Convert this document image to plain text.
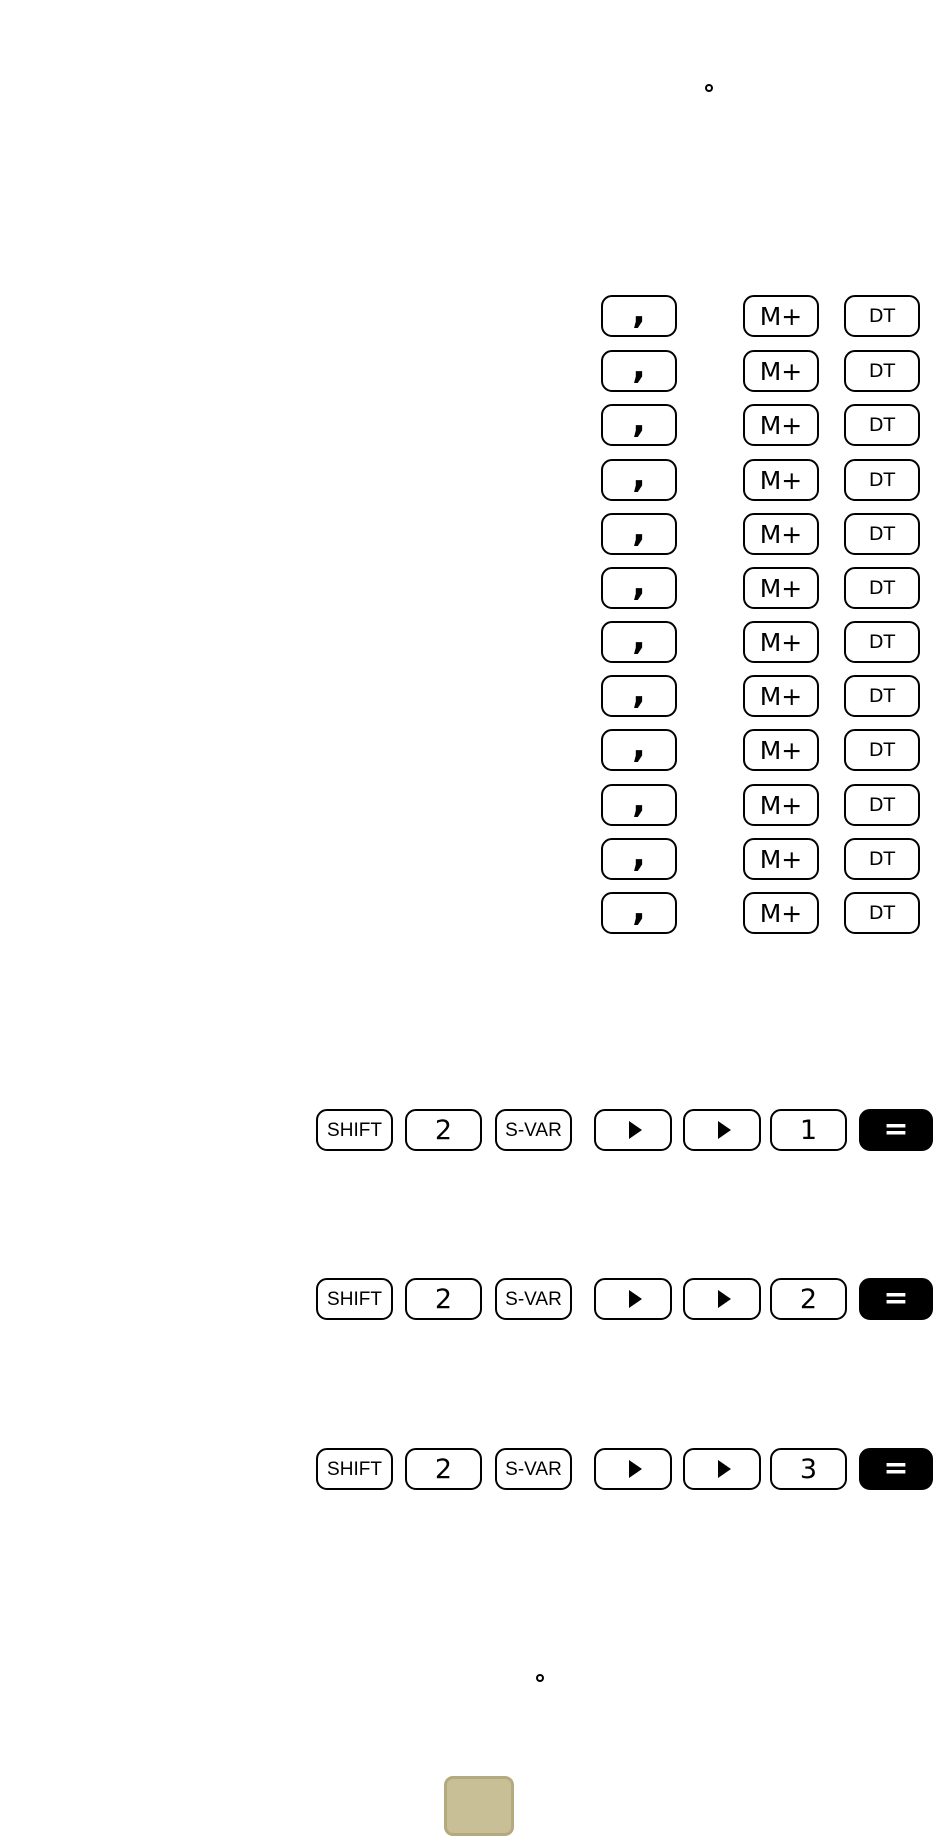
,	M+	DT
,	M+	DT
,	M+	DT
,	M+	DT
,	M+	DT
,	M+	DT
,	M+	DT
,	M+	DT
,	M+	DT
,	M+	DT
,	M+	DT
,	M+	DT
SHIFT	2	S-VAR	1	=
SHIFT	2	S-VAR	2	=
SHIFT	2	S-VAR	3	=
